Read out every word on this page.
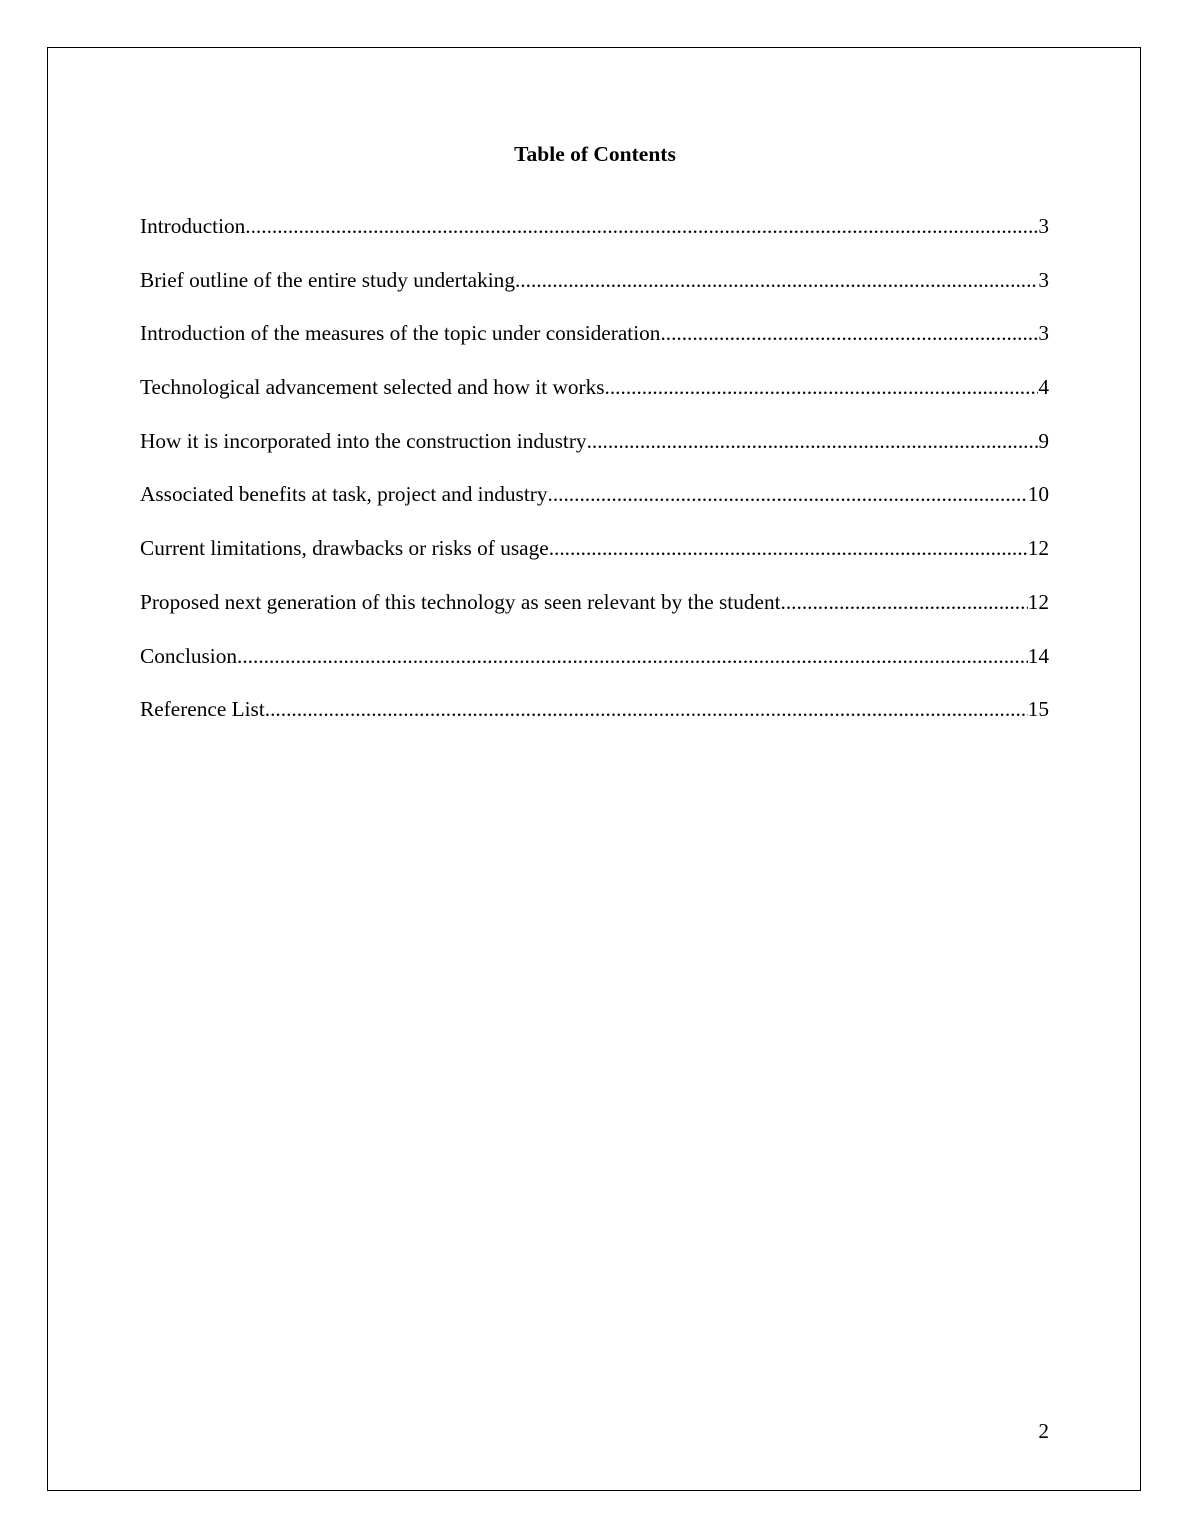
Table of Contents
Introduction .....	3
Brief outline of the entire study undertaking .....	3
Introduction of the measures of the topic under consideration .....	3
Technological advancement selected and how it works .....	4
How it is incorporated into the construction industry .....	9
Associated benefits at task, project and industry .....	10
Current limitations, drawbacks or risks of usage .....	12
Proposed next generation of this technology as seen relevant by the student .....	12
Conclusion .....	14
Reference List .....	15
2
